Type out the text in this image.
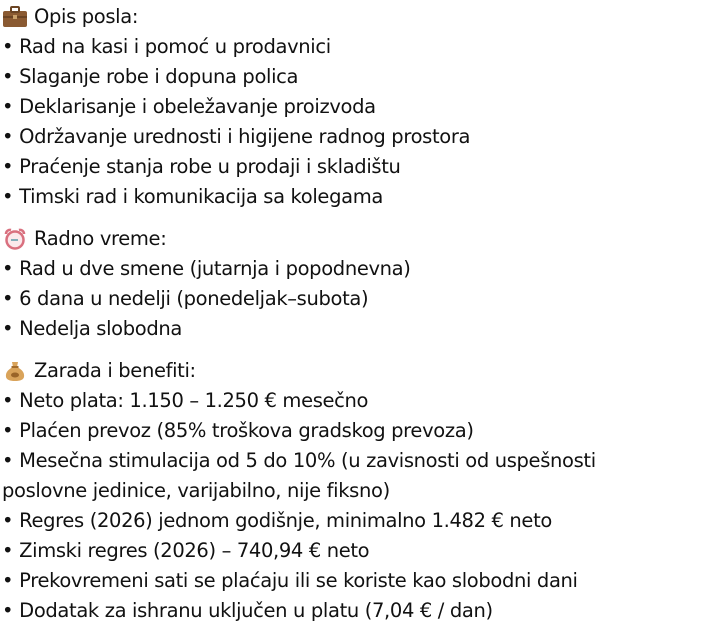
Opis posla:
• Rad na kasi i pomoć u prodavnici
• Slaganje robe i dopuna polica
• Deklarisanje i obeležavanje proizvoda
• Održavanje urednosti i higijene radnog prostora
• Praćenje stanja robe u prodaji i skladištu
• Timski rad i komunikacija sa kolegama
Radno vreme:
• Rad u dve smene (jutarnja i popodnevna)
• 6 dana u nedelji (ponedeljak–subota)
• Nedelja slobodna
Zarada i benefiti:
• Neto plata: 1.150 – 1.250 € mesečno
• Plaćen prevoz (85% troškova gradskog prevoza)
• Mesečna stimulacija od 5 do 10% (u zavisnosti od uspešnosti poslovne jedinice, varijabilno, nije fiksno)
• Regres (2026) jednom godišnje, minimalno 1.482 € neto
• Zimski regres (2026) – 740,94 € neto
• Prekovremeni sati se plaćaju ili se koriste kao slobodni dani
• Dodatak za ishranu uključen u platu (7,04 € / dan)
